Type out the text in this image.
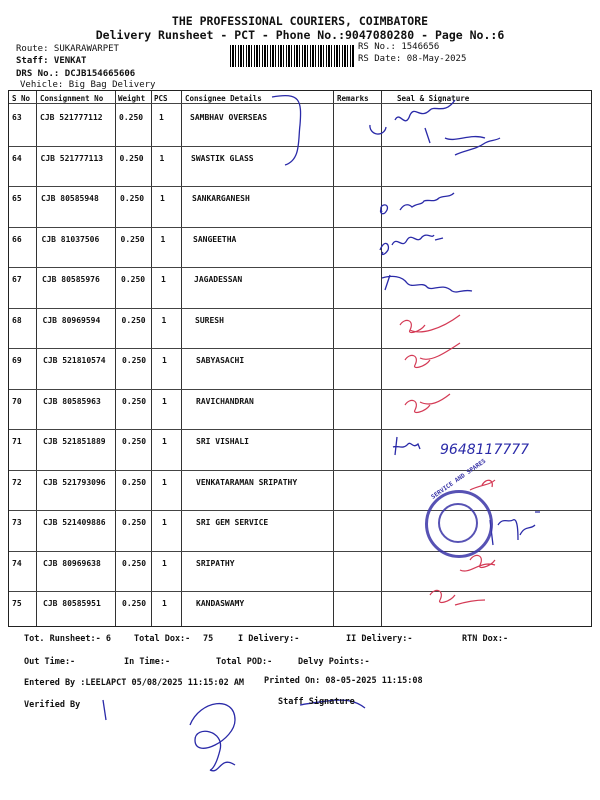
THE PROFESSIONAL COURIERS, COIMBATORE
Delivery Runsheet - PCT - Phone No.:9047080280 - Page No.:6
Route: SUKARAWARPET
Staff: VENKAT
DRS No.: DCJB154665606
Vehicle: Big Bag Delivery
RS No.: 1546656
RS Date: 08-May-2025
S No Consignment No Weight PCS Consignee Details	Remarks	Seal & Signature
63 CJB 521777112 0.250 1	SAMBHAV OVERSEAS
64 CJB 521777113 0.250 1	SWASTIK GLASS
65 CJB 80585948	0.250 1	SANKARGANESH
66 CJB 81037506	0.250 1	SANGEETHA
67	CJB 80585976	0.250 1	JAGADESSAN
68	CJB 80969594	0.250 1	SURESH
69	CJB 521810574 0.250 1	SABYASACHI
70	CJB 80585963	0.250 1	RAVICHANDRAN
71	CJB 521851889 0.250 1	SRI VISHALI
72	CJB 521793096 0.250 1	VENKATARAMAN SRIPATHY
73	CJB 521409886 0.250 1	SRI GEM SERVICE
74	CJB 80969638	0.250 1	SRIPATHY
75	CJB 80585951	0.250 1	KANDASWAMY
9648117777
SERVICE AND SPARES
Tot. Runsheet:- 6	Total Dox:- 75	I Delivery:-	II Delivery:-	RTN Dox:-
Out Time:-	In Time:-	Total POD:-	Delvy Points:-
Entered By :LEELAPCT 05/08/2025 11:15:02 AM Printed On: 08-05-2025 11:15:08
Verified By	Staff Signature
